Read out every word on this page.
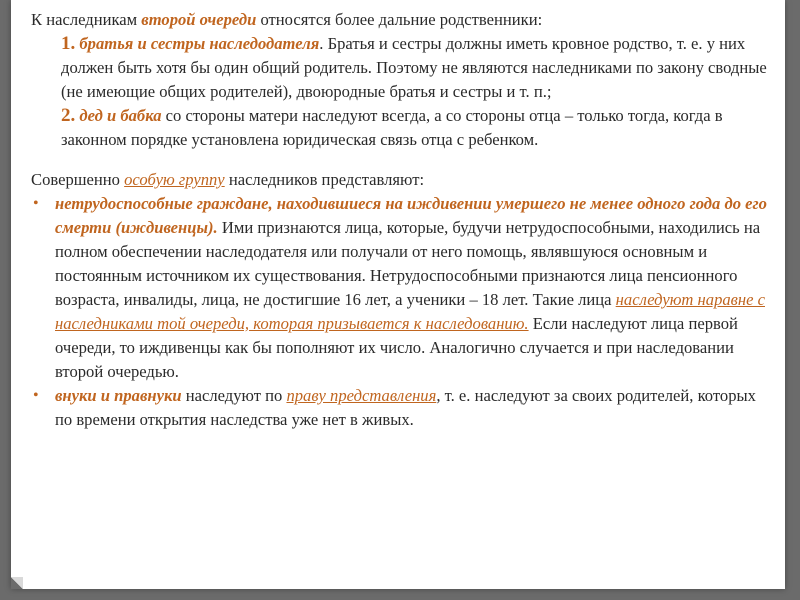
К наследникам второй очереди относятся более дальние родственники:

1. братья и сестры наследодателя. Братья и сестры должны иметь кровное родство, т. е. у них должен быть хотя бы один общий родитель. Поэтому не являются наследниками по закону сводные (не имеющие общих родителей), двоюродные братья и сестры и т. п.;

2. дед и бабка со стороны матери наследуют всегда, а со стороны отца – только тогда, когда в законном порядке установлена юридическая связь отца с ребенком.

Совершенно особую группу наследников представляют:

• нетрудоспособные граждане, находившиеся на иждивении умершего не менее одного года до его смерти (иждивенцы). Ими признаются лица, которые, будучи нетрудоспособными, находились на полном обеспечении наследодателя или получали от него помощь, являвшуюся основным и постоянным источником их существования. Нетрудоспособными признаются лица пенсионного возраста, инвалиды, лица, не достигшие 16 лет, а ученики – 18 лет. Такие лица наследуют наравне с наследниками той очереди, которая призывается к наследованию. Если наследуют лица первой очереди, то иждивенцы как бы пополняют их число. Аналогично случается и при наследовании второй очередью.

• внуки и правнуки наследуют по праву представления, т. е. наследуют за своих родителей, которых по времени открытия наследства уже нет в живых.
